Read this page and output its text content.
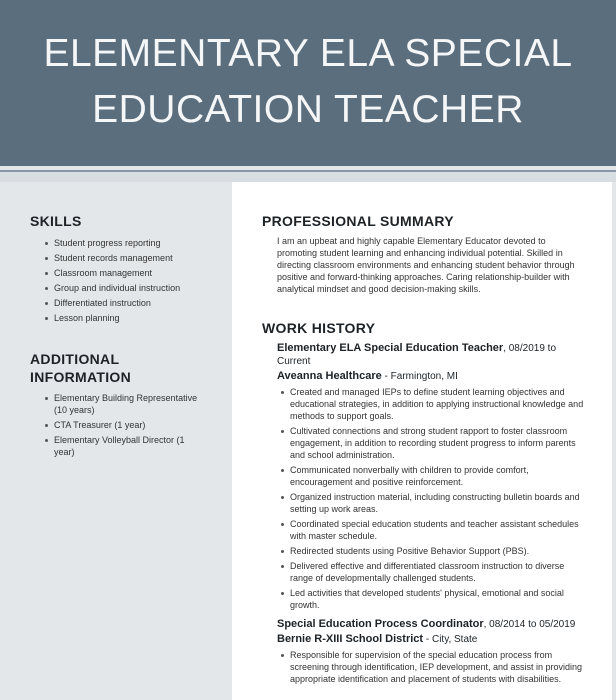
ELEMENTARY ELA SPECIAL
EDUCATION TEACHER
SKILLS
Student progress reporting
Student records management
Classroom management
Group and individual instruction
Differentiated instruction
Lesson planning
ADDITIONAL
INFORMATION
Elementary Building Representative (10 years)
CTA Treasurer (1 year)
Elementary Volleyball Director (1 year)
PROFESSIONAL SUMMARY

I am an upbeat and highly capable Elementary Educator devoted to promoting student learning and enhancing individual potential. Skilled in directing classroom environments and enhancing student behavior through positive and forward-thinking approaches. Caring relationship-builder with analytical mindset and good decision-making skills.

WORK HISTORY

Elementary ELA Special Education Teacher, 08/2019 to Current

Aveanna Healthcare - Farmington, MI

Created and managed IEPs to define student learning objectives and educational strategies, in addition to applying instructional knowledge and methods to support goals.
Cultivated connections and strong student rapport to foster classroom engagement, in addition to recording student progress to inform parents and school administration.
Communicated nonverbally with children to provide comfort, encouragement and positive reinforcement.
Organized instruction material, including constructing bulletin boards and setting up work areas.
Coordinated special education students and teacher assistant schedules with master schedule.
Redirected students using Positive Behavior Support (PBS).
Delivered effective and differentiated classroom instruction to diverse range of developmentally challenged students.
Led activities that developed students' physical, emotional and social growth.

Special Education Process Coordinator, 08/2014 to 05/2019

Bernie R-XIII School District - City, State

Responsible for supervision of the special education process from screening through identification, IEP development, and assist in providing appropriate identification and placement of students with disabilities.
